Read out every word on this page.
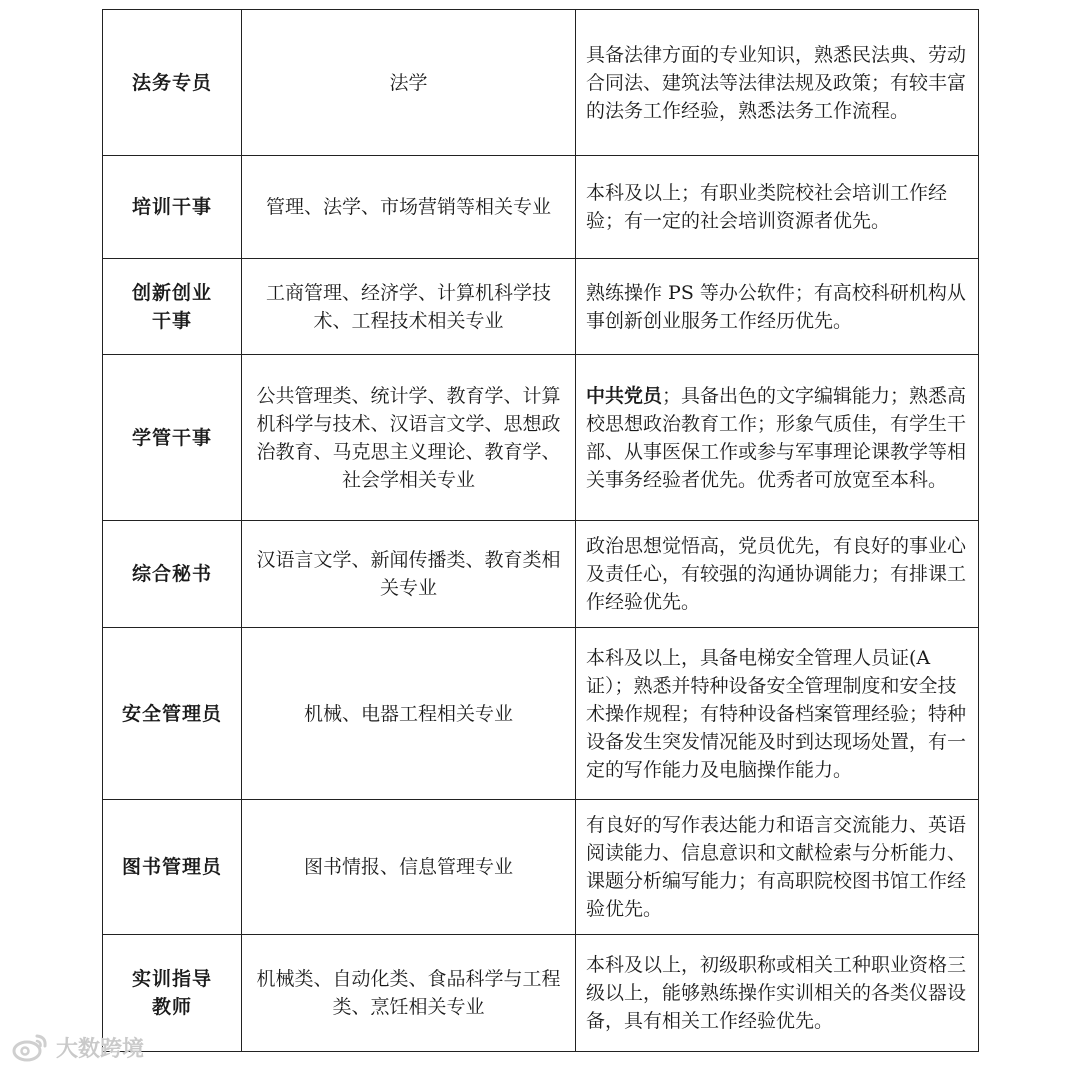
法务专员	法学	具备法律方面的专业知识，熟悉民法典、劳动合同法、建筑法等法律法规及政策；有较丰富的法务工作经验，熟悉法务工作流程。
培训干事	管理、法学、市场营销等相关专业	本科及以上；有职业类院校社会培训工作经验；有一定的社会培训资源者优先。
创新创业干事	工商管理、经济学、计算机科学技术、工程技术相关专业	熟练操作 PS 等办公软件；有高校科研机构从事创新创业服务工作经历优先。
学管干事	公共管理类、统计学、教育学、计算机科学与技术、汉语言文学、思想政治教育、马克思主义理论、教育学、社会学相关专业	中共党员；具备出色的文字编辑能力；熟悉高校思想政治教育工作；形象气质佳，有学生干部、从事医保工作或参与军事理论课教学等相关事务经验者优先。优秀者可放宽至本科。
综合秘书	汉语言文学、新闻传播类、教育类相关专业	政治思想觉悟高，党员优先，有良好的事业心及责任心，有较强的沟通协调能力；有排课工作经验优先。
安全管理员	机械、电器工程相关专业	本科及以上，具备电梯安全管理人员证(A证）；熟悉并特种设备安全管理制度和安全技术操作规程；有特种设备档案管理经验；特种设备发生突发情况能及时到达现场处置，有一定的写作能力及电脑操作能力。
图书管理员	图书情报、信息管理专业	有良好的写作表达能力和语言交流能力、英语阅读能力、信息意识和文献检索与分析能力、课题分析编写能力；有高职院校图书馆工作经验优先。
实训指导教师	机械类、自动化类、食品科学与工程类、烹饪相关专业	本科及以上，初级职称或相关工种职业资格三级以上，能够熟练操作实训相关的各类仪器设备，具有相关工作经验优先。
大数跨境
